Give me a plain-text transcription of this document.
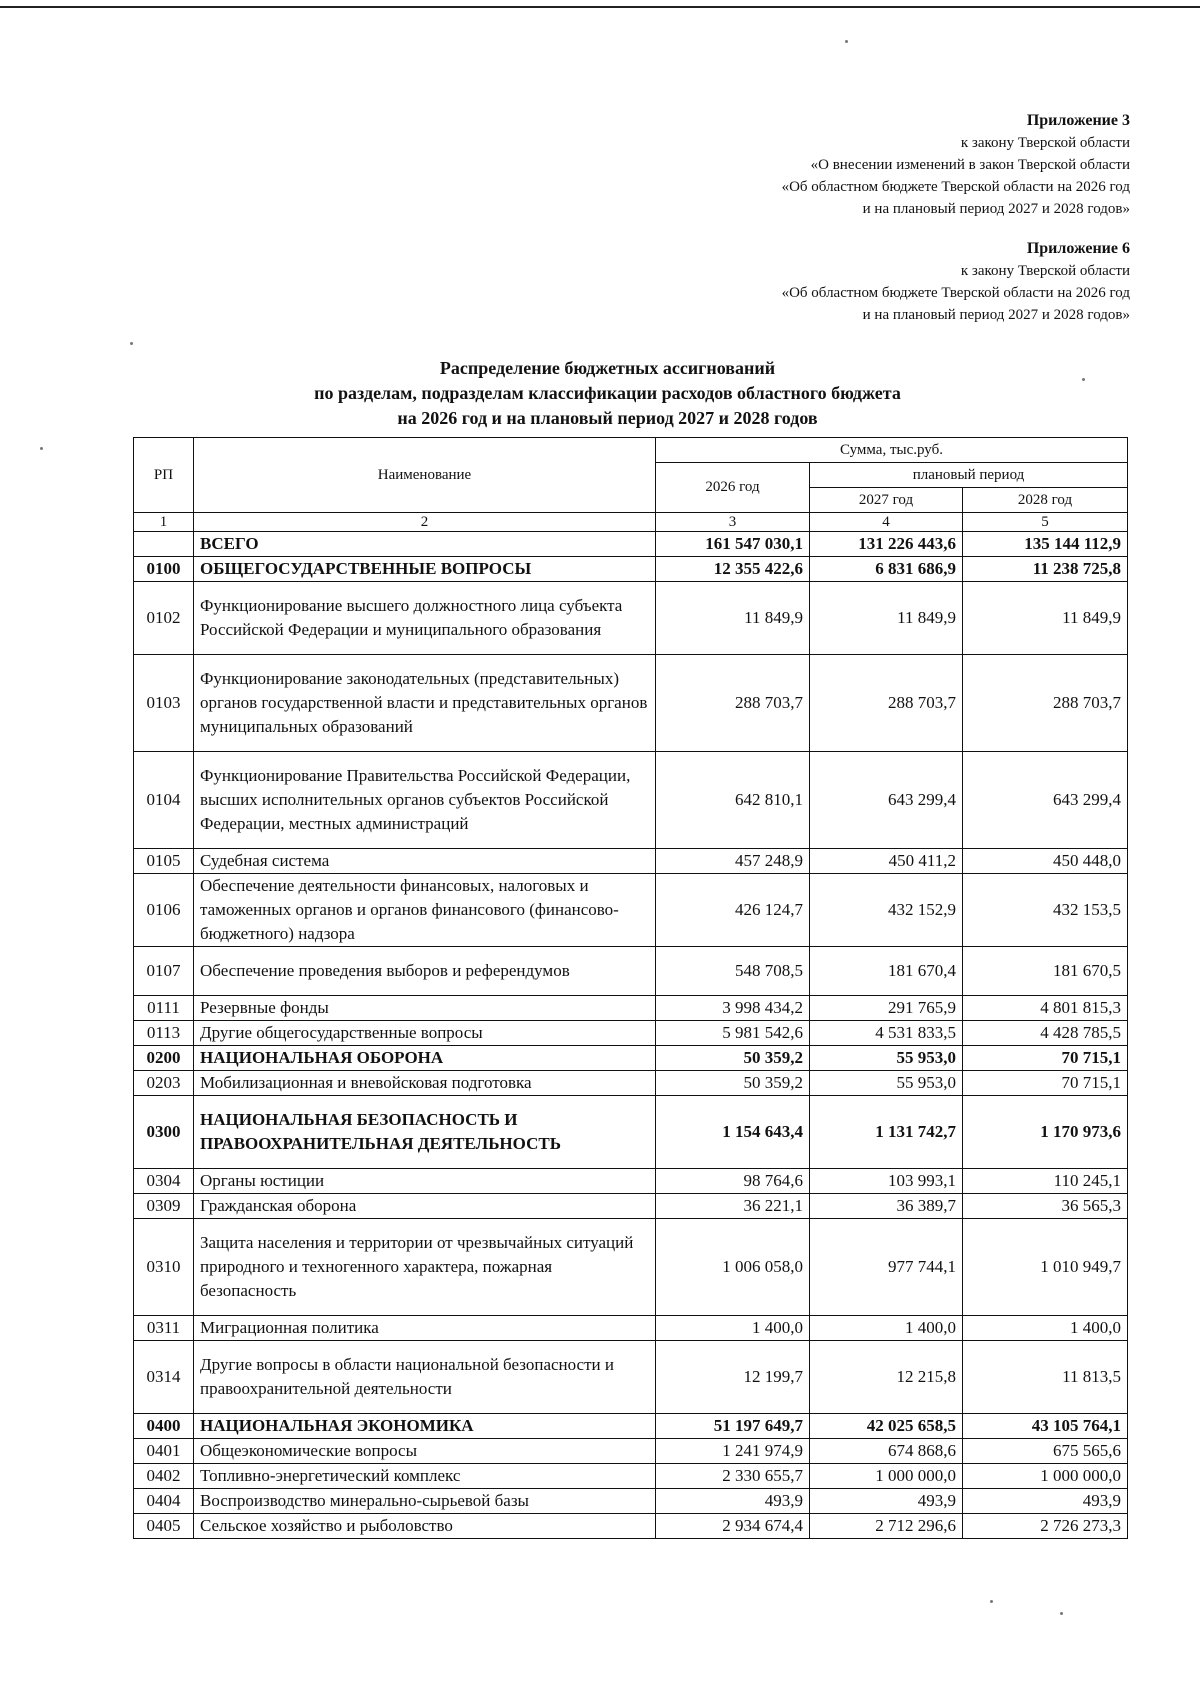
Приложение 3
к закону Тверской области
«О внесении изменений в закон Тверской области
«Об областном бюджете Тверской области на 2026 год
и на плановый период 2027 и 2028 годов»
Приложение 6
к закону Тверской области
«Об областном бюджете Тверской области на 2026 год
и на плановый период 2027 и 2028 годов»
Распределение бюджетных ассигнований
по разделам, подразделам классификации расходов областного бюджета
на 2026 год и на плановый период 2027 и 2028 годов
РП	Наименование	Сумма, тыс.руб.		
		2026 год	плановый период	
			2027 год	2028 год
1	2	3	4	5
	ВСЕГО	161 547 030,1	131 226 443,6	135 144 112,9
0100	ОБЩЕГОСУДАРСТВЕННЫЕ ВОПРОСЫ	12 355 422,6	6 831 686,9	11 238 725,8
0102	Функционирование высшего должностного лица субъекта Российской Федерации и муниципального образования	11 849,9	11 849,9	11 849,9
0103	Функционирование законодательных (представительных) органов государственной власти и представительных органов муниципальных образований	288 703,7	288 703,7	288 703,7
0104	Функционирование Правительства Российской Федерации, высших исполнительных органов субъектов Российской Федерации, местных администраций	642 810,1	643 299,4	643 299,4
0105	Судебная система	457 248,9	450 411,2	450 448,0
0106	Обеспечение деятельности финансовых, налоговых и таможенных органов и органов финансового (финансово-бюджетного) надзора	426 124,7	432 152,9	432 153,5
0107	Обеспечение проведения выборов и референдумов	548 708,5	181 670,4	181 670,5
0111	Резервные фонды	3 998 434,2	291 765,9	4 801 815,3
0113	Другие общегосударственные вопросы	5 981 542,6	4 531 833,5	4 428 785,5
0200	НАЦИОНАЛЬНАЯ ОБОРОНА	50 359,2	55 953,0	70 715,1
0203	Мобилизационная и вневойсковая подготовка	50 359,2	55 953,0	70 715,1
0300	НАЦИОНАЛЬНАЯ БЕЗОПАСНОСТЬ И ПРАВООХРАНИТЕЛЬНАЯ ДЕЯТЕЛЬНОСТЬ	1 154 643,4	1 131 742,7	1 170 973,6
0304	Органы юстиции	98 764,6	103 993,1	110 245,1
0309	Гражданская оборона	36 221,1	36 389,7	36 565,3
0310	Защита населения и территории от чрезвычайных ситуаций природного и техногенного характера, пожарная безопасность	1 006 058,0	977 744,1	1 010 949,7
0311	Миграционная политика	1 400,0	1 400,0	1 400,0
0314	Другие вопросы в области национальной безопасности и правоохранительной деятельности	12 199,7	12 215,8	11 813,5
0400	НАЦИОНАЛЬНАЯ ЭКОНОМИКА	51 197 649,7	42 025 658,5	43 105 764,1
0401	Общеэкономические вопросы	1 241 974,9	674 868,6	675 565,6
0402	Топливно-энергетический комплекс	2 330 655,7	1 000 000,0	1 000 000,0
0404	Воспроизводство минерально-сырьевой базы	493,9	493,9	493,9
0405	Сельское хозяйство и рыболовство	2 934 674,4	2 712 296,6	2 726 273,3
